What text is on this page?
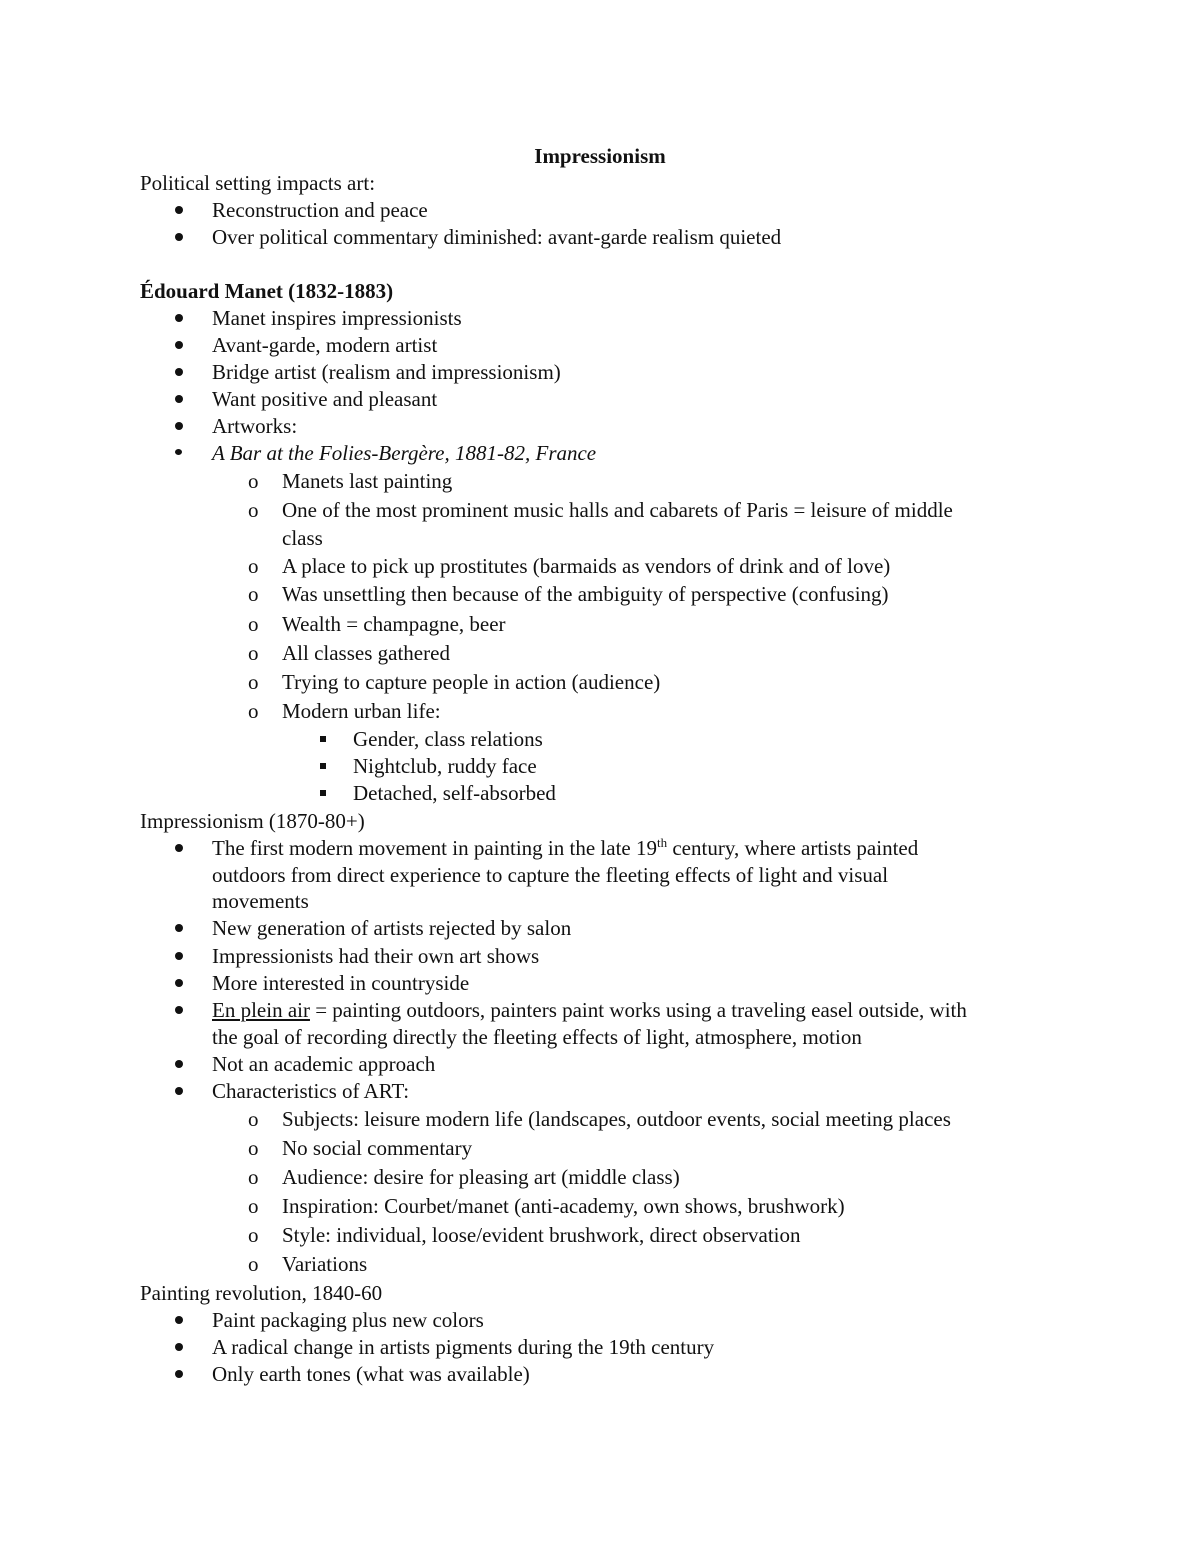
Impressionism
Political setting impacts art:
Reconstruction and peace
Over political commentary diminished: avant-garde realism quieted
Édouard Manet (1832-1883)
Manet inspires impressionists
Avant-garde, modern artist
Bridge artist (realism and impressionism)
Want positive and pleasant
Artworks:
A Bar at the Folies-Bergère, 1881-82, France
o Manets last painting
o One of the most prominent music halls and cabarets of Paris = leisure of middle
class
o A place to pick up prostitutes (barmaids as vendors of drink and of love)
o Was unsettling then because of the ambiguity of perspective (confusing)
o Wealth = champagne, beer
o All classes gathered
o Trying to capture people in action (audience)
o Modern urban life:
Gender, class relations
Nightclub, ruddy face
Detached, self-absorbed
Impressionism (1870-80+)
The first modern movement in painting in the late 19th century, where artists painted
outdoors from direct experience to capture the fleeting effects of light and visual
movements
New generation of artists rejected by salon
Impressionists had their own art shows
More interested in countryside
En plein air = painting outdoors, painters paint works using a traveling easel outside, with
the goal of recording directly the fleeting effects of light, atmosphere, motion
Not an academic approach
Characteristics of ART:
o Subjects: leisure modern life (landscapes, outdoor events, social meeting places
o No social commentary
o Audience: desire for pleasing art (middle class)
o Inspiration: Courbet/manet (anti-academy, own shows, brushwork)
o Style: individual, loose/evident brushwork, direct observation
o Variations
Painting revolution, 1840-60
Paint packaging plus new colors
A radical change in artists pigments during the 19th century
Only earth tones (what was available)
